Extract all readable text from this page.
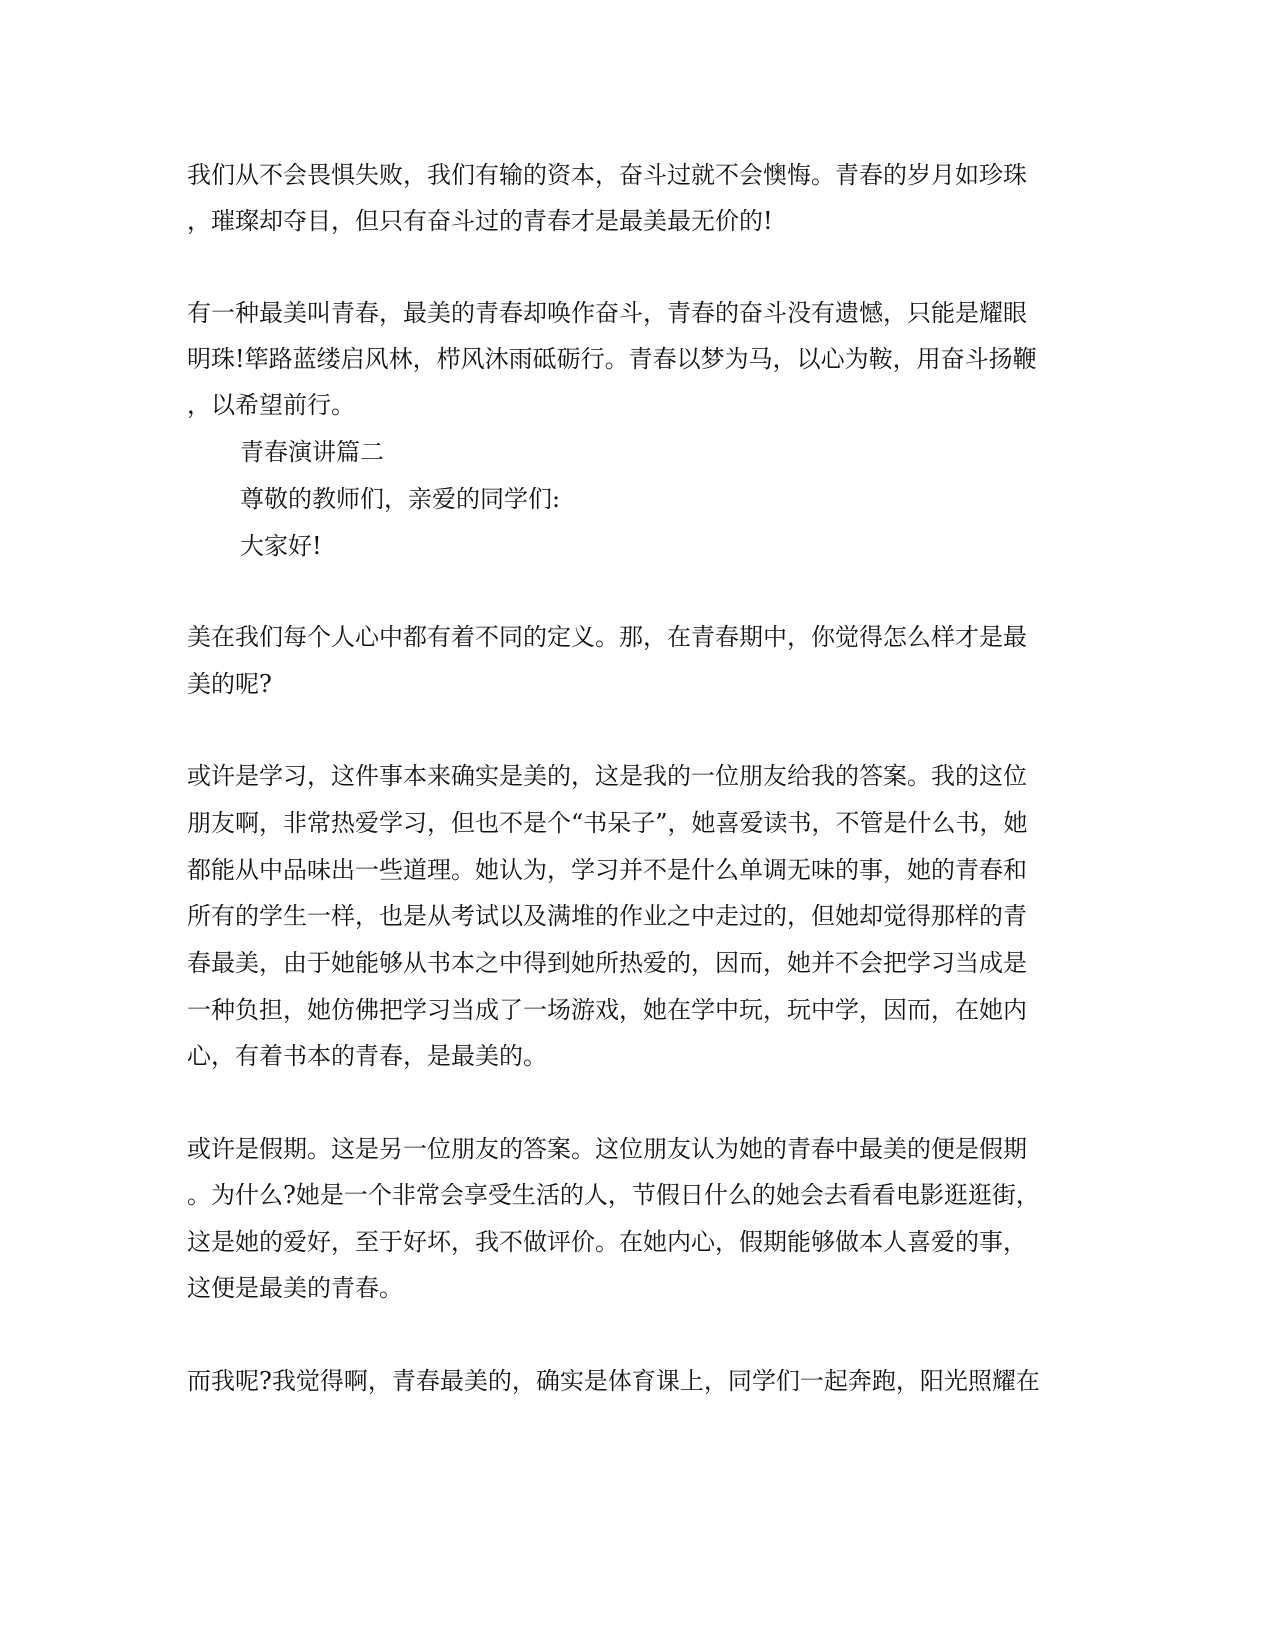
我们从不会畏惧失败，我们有输的资本，奋斗过就不会懊悔。青春的岁月如珍珠
，璀璨却夺目，但只有奋斗过的青春才是最美最无价的!
有一种最美叫青春，最美的青春却唤作奋斗，青春的奋斗没有遗憾，只能是耀眼
明珠!筚路蓝缕启风林，栉风沐雨砥砺行。青春以梦为马，以心为鞍，用奋斗扬鞭
，以希望前行。
青春演讲篇二
尊敬的教师们，亲爱的同学们:
大家好!
美在我们每个人心中都有着不同的定义。那，在青春期中，你觉得怎么样才是最
美的呢?
或许是学习，这件事本来确实是美的，这是我的一位朋友给我的答案。我的这位
朋友啊，非常热爱学习，但也不是个“书呆子”，她喜爱读书，不管是什么书，她
都能从中品味出一些道理。她认为，学习并不是什么单调无味的事，她的青春和
所有的学生一样，也是从考试以及满堆的作业之中走过的，但她却觉得那样的青
春最美，由于她能够从书本之中得到她所热爱的，因而，她并不会把学习当成是
一种负担，她仿佛把学习当成了一场游戏，她在学中玩，玩中学，因而，在她内
心，有着书本的青春，是最美的。
或许是假期。这是另一位朋友的答案。这位朋友认为她的青春中最美的便是假期
。为什么?她是一个非常会享受生活的人，节假日什么的她会去看看电影逛逛街，
这是她的爱好，至于好坏，我不做评价。在她内心，假期能够做本人喜爱的事，
这便是最美的青春。
而我呢?我觉得啊，青春最美的，确实是体育课上，同学们一起奔跑，阳光照耀在
